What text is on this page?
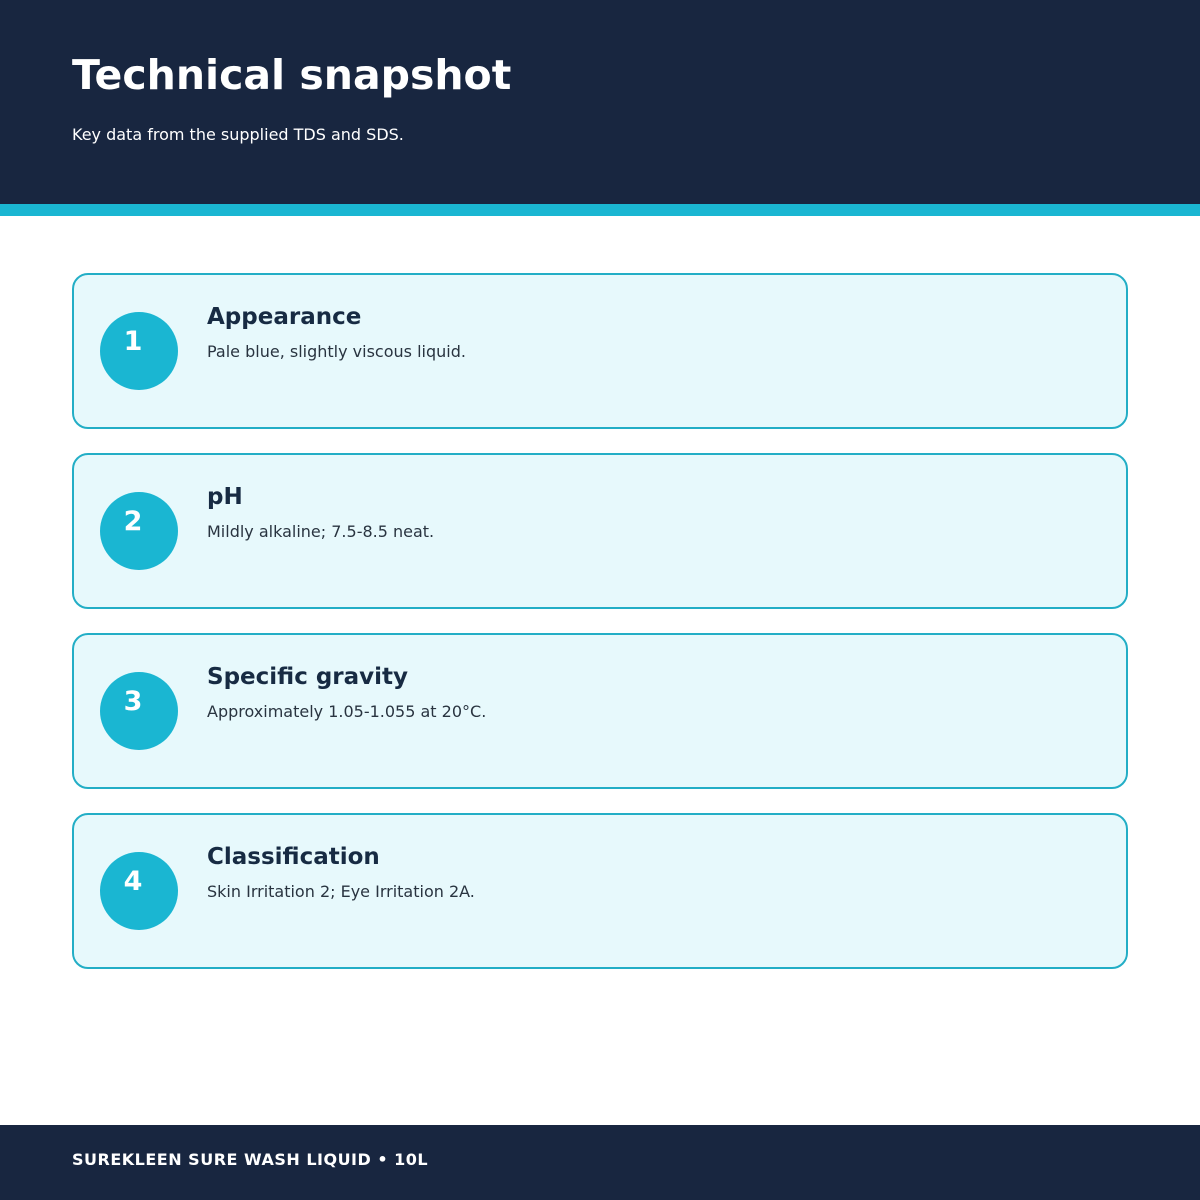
Technical snapshot

Key data from the supplied TDS and SDS.

1
Appearance

Pale blue, slightly viscous liquid.

2
pH

Mildly alkaline; 7.5-8.5 neat.

3
Specific gravity

Approximately 1.05-1.055 at 20°C.

4
Classification

Skin Irritation 2; Eye Irritation 2A.

SUREKLEEN SURE WASH LIQUID • 10L
